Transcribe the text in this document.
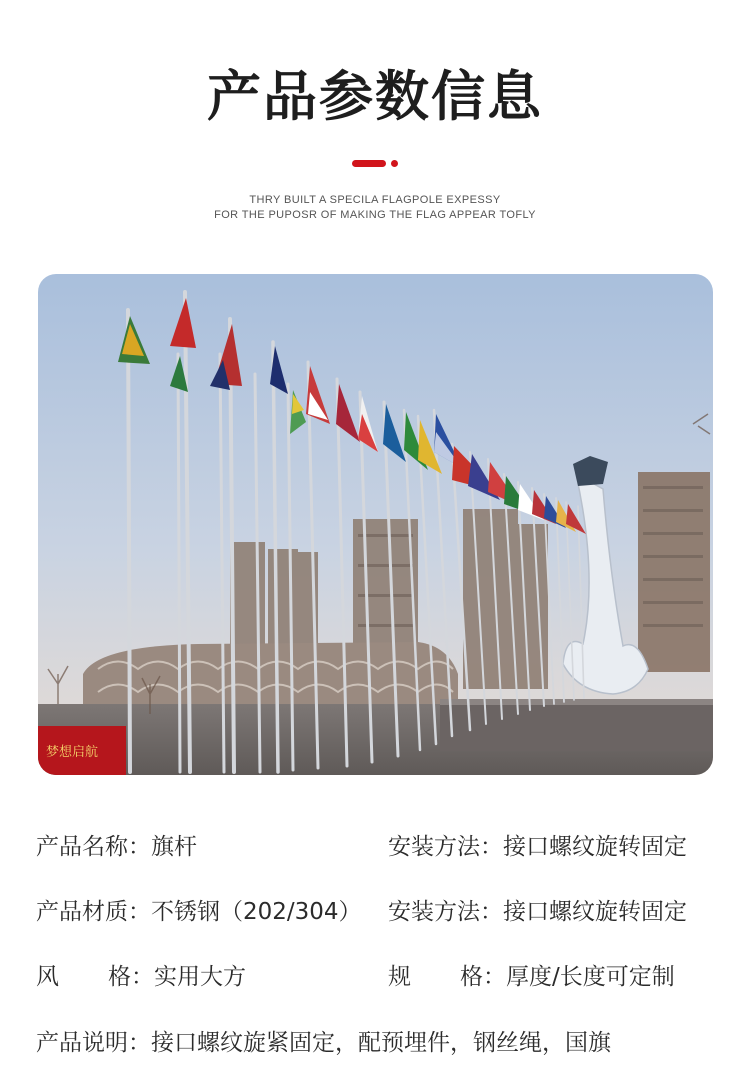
产品参数信息
THRY BUILT A SPECILA FLAGPOLE EXPESSY
FOR THE PUPOSR OF MAKING THE FLAG APPEAR TOFLY
梦想启航
产品名称：旗杆	安装方法：接口螺纹旋转固定
产品材质：不锈钢（202/304） 安装方法：接口螺纹旋转固定
风 格： 实用大方	规 格： 厚度/长度可定制
产品说明：接口螺纹旋紧固定，配预埋件，钢丝绳，国旗
